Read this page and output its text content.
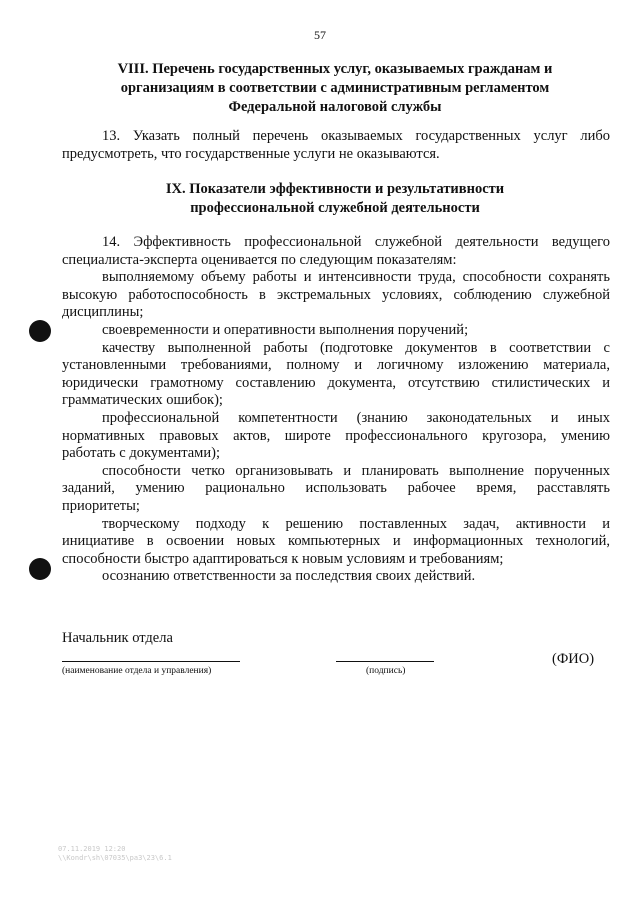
57
VIII. Перечень государственных услуг, оказываемых гражданам и
организациям в соответствии с административным регламентом
Федеральной налоговой службы
13. Указать полный перечень оказываемых государственных услуг либо
предусмотреть, что государственные услуги не оказываются.
IX. Показатели эффективности и результативности
профессиональной служебной деятельности
14. Эффективность профессиональной служебной деятельности ведущего
специалиста-эксперта оценивается по следующим показателям:
выполняемому объему работы и интенсивности труда, способности сохранять
высокую работоспособность в экстремальных условиях, соблюдению служебной
дисциплины;
своевременности и оперативности выполнения поручений;
качеству выполненной работы (подготовке документов в соответствии с
установленными требованиями, полному и логичному изложению материала,
юридически грамотному составлению документа, отсутствию стилистических и
грамматических ошибок);
профессиональной компетентности (знанию законодательных и иных
нормативных правовых актов, широте профессионального кругозора, умению
работать с документами);
способности четко организовывать и планировать выполнение порученных
заданий, умению рационально использовать рабочее время, расставлять
приоритеты;
творческому подходу к решению поставленных задач, активности и
инициативе в освоении новых компьютерных и информационных технологий,
способности быстро адаптироваться к новым условиям и требованиям;
осознанию ответственности за последствия своих действий.
Начальник отдела
(наименование отдела и управления)	(подпись)
(ФИО)
07.11.2019 12:20
\\Kondr\sh\07035\pa3\23\6.1
